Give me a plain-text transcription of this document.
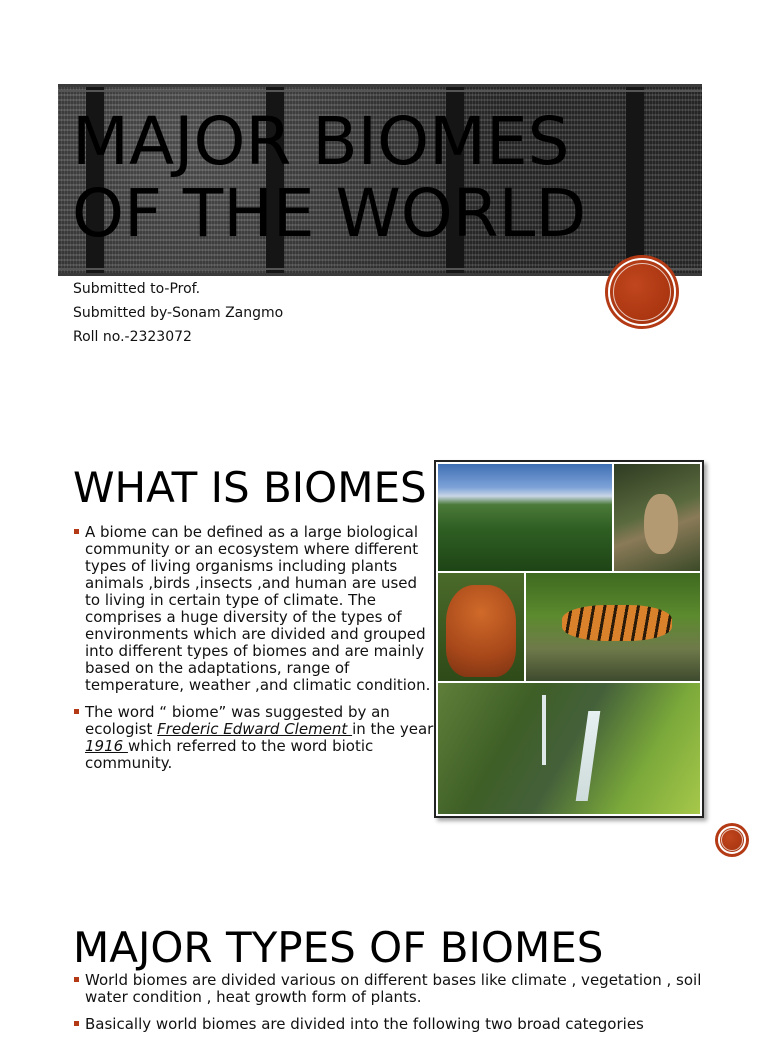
MAJOR BIOMES
OF THE WORLD
Submitted to-Prof.
Submitted by-Sonam Zangmo
Roll no.-2323072
WHAT IS BIOMES
A biome can be defined as a large biological community or an ecosystem where different types of living organisms including plants animals ,birds ,insects ,and human are used to living in certain type of climate. The comprises a huge diversity of the types of environments which are divided and grouped into different types of biomes and are mainly based on the adaptations, range of temperature, weather ,and climatic condition.
The word “ biome” was suggested by an ecologist Frederic Edward Clement in the year 1916 which referred to the word biotic community.
MAJOR TYPES OF BIOMES
World biomes are divided various on different bases like climate , vegetation , soil water condition , heat growth form of plants.
Basically world biomes are divided into the following two broad categories
